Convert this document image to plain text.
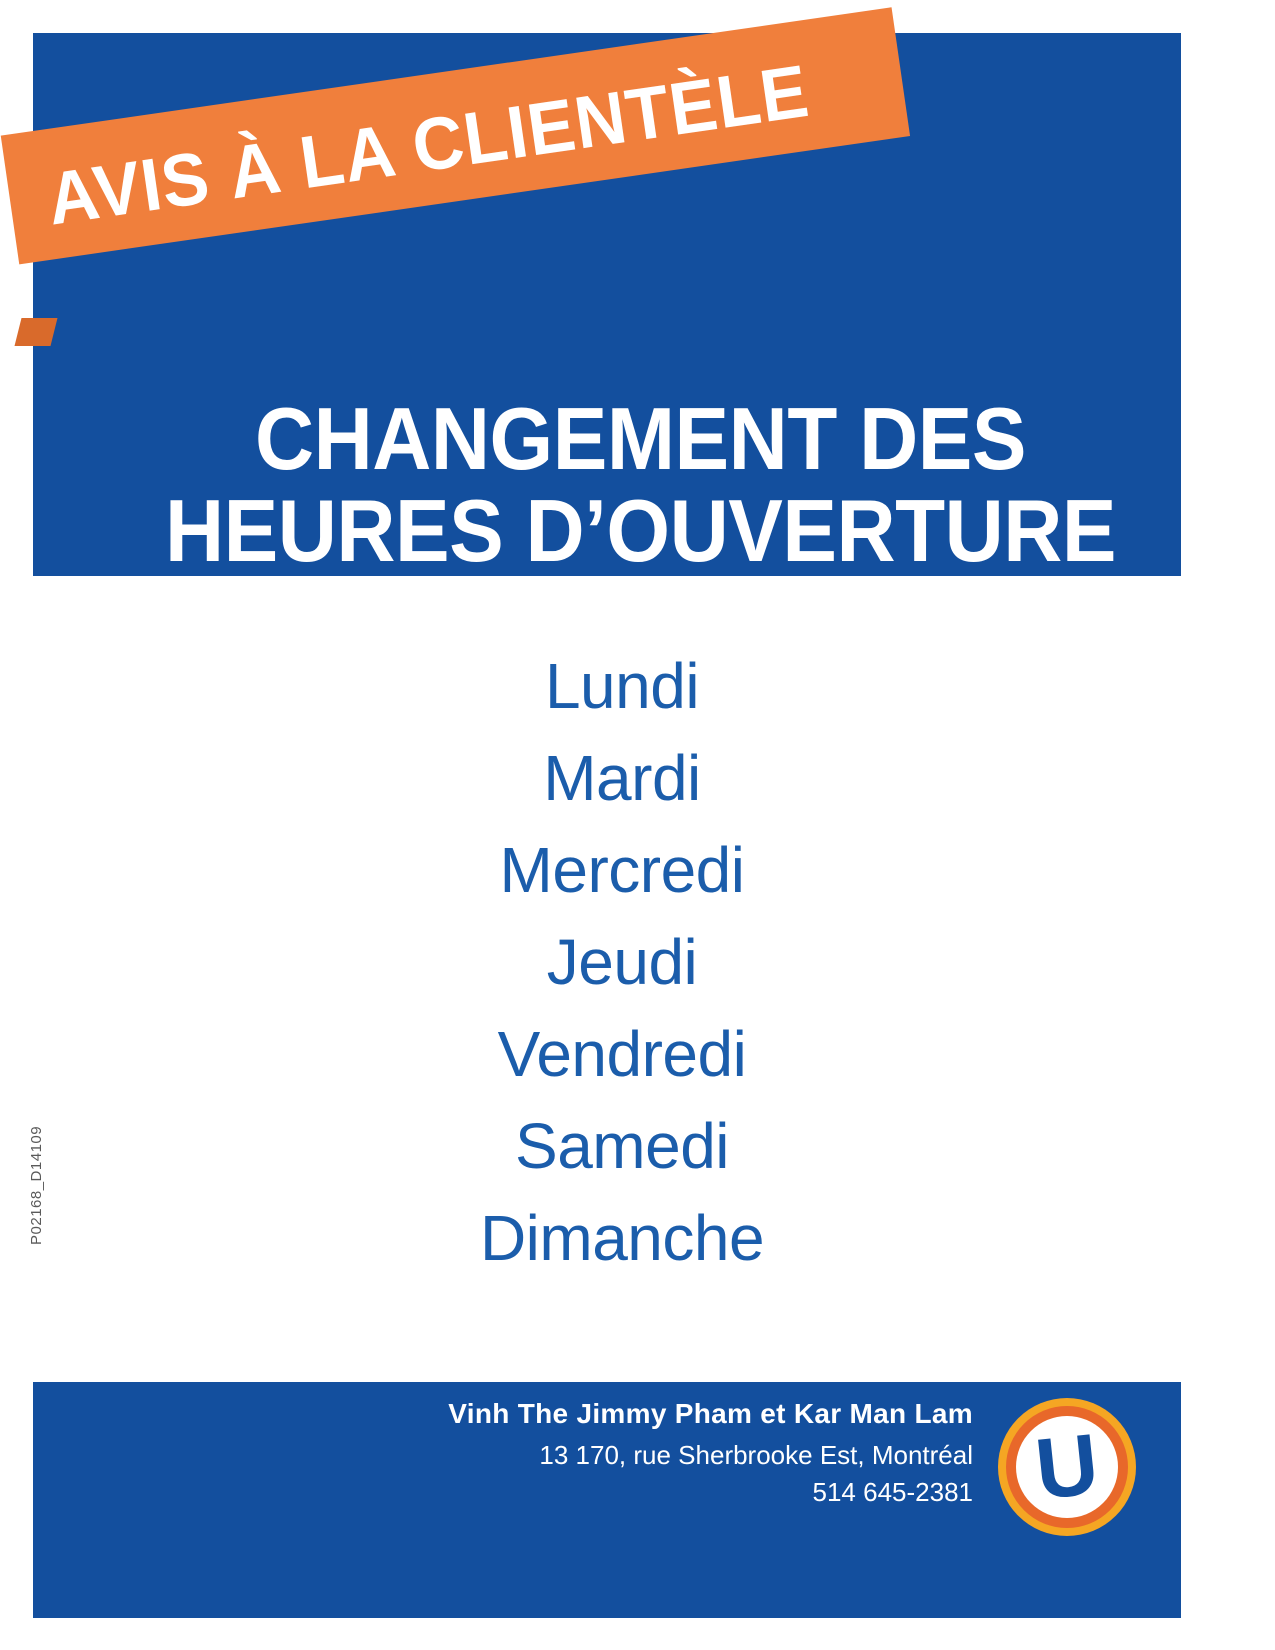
CHANGEMENT DES
HEURES D’OUVERTURE
AVIS À LA CLIENTÈLE
Lundi
Mardi
Mercredi
Jeudi
Vendredi
Samedi
Dimanche
P02168_D14109
Vinh The Jimmy Pham et Kar Man Lam
13 170, rue Sherbrooke Est, Montréal
514 645-2381 U
